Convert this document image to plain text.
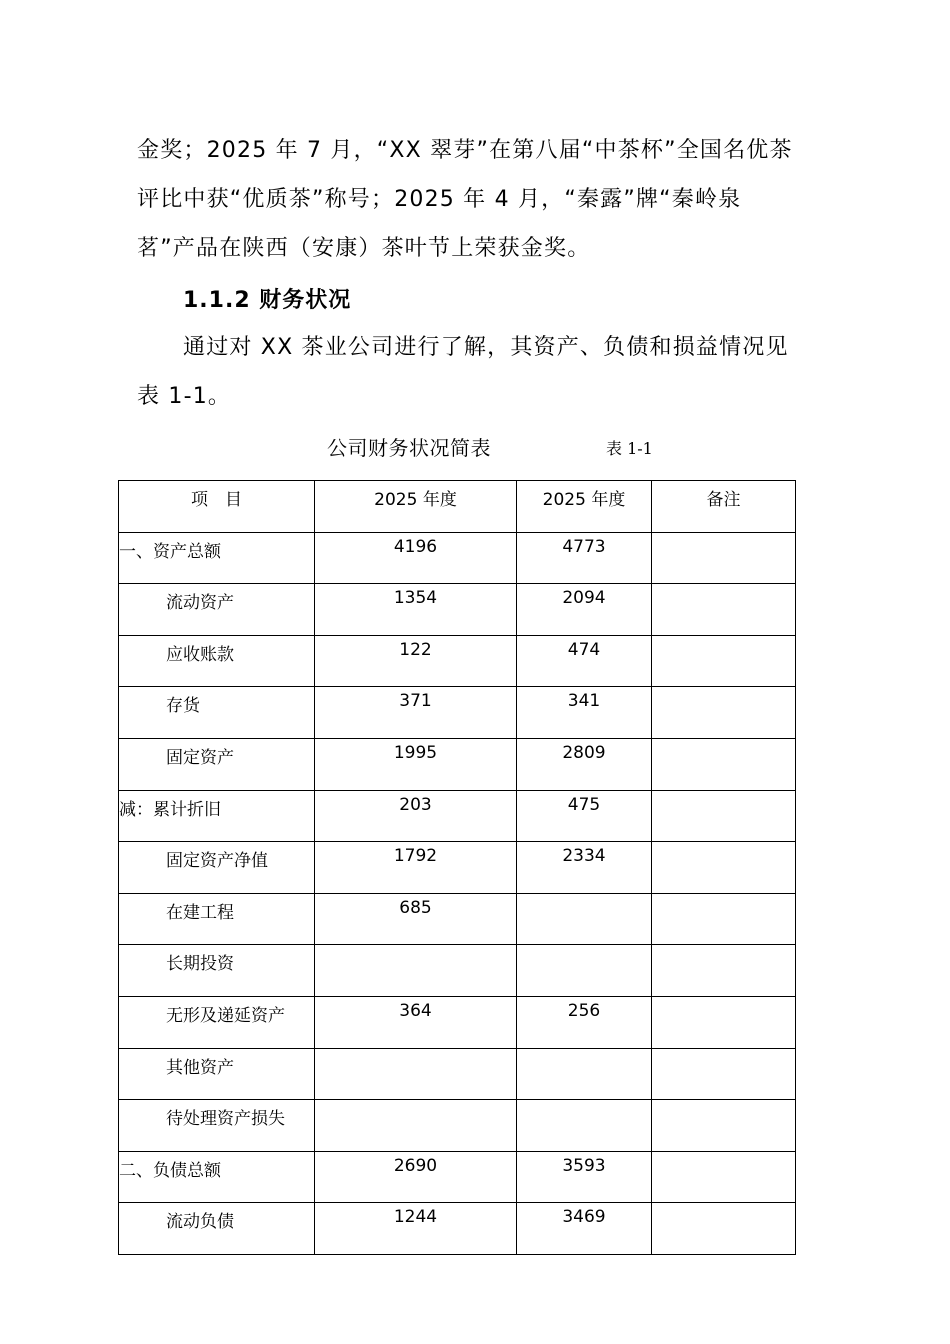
金奖；2025 年 7 月，“XX 翠芽”在第八届“中茶杯”全国名优茶
评比中获“优质茶”称号；2025 年 4 月，“秦露”牌“秦岭泉
茗”产品在陕西（安康）茶叶节上荣获金奖。
1.1.2 财务状况
通过对 XX 茶业公司进行了解，其资产、负债和损益情况见
表 1-1。
公司财务状况简表	表 1-1
项　目	2025 年度	2025 年度	备注
一、资产总额	4196	4773	
流动资产	1354	2094	
应收账款	122	474	
存货	371	341	
固定资产	1995	2809	
减：累计折旧	203	475	
固定资产净值	1792	2334	
在建工程	685		
长期投资			
无形及递延资产	364	256	
其他资产			
待处理资产损失			
二、负债总额	2690	3593	
流动负债	1244	3469	
